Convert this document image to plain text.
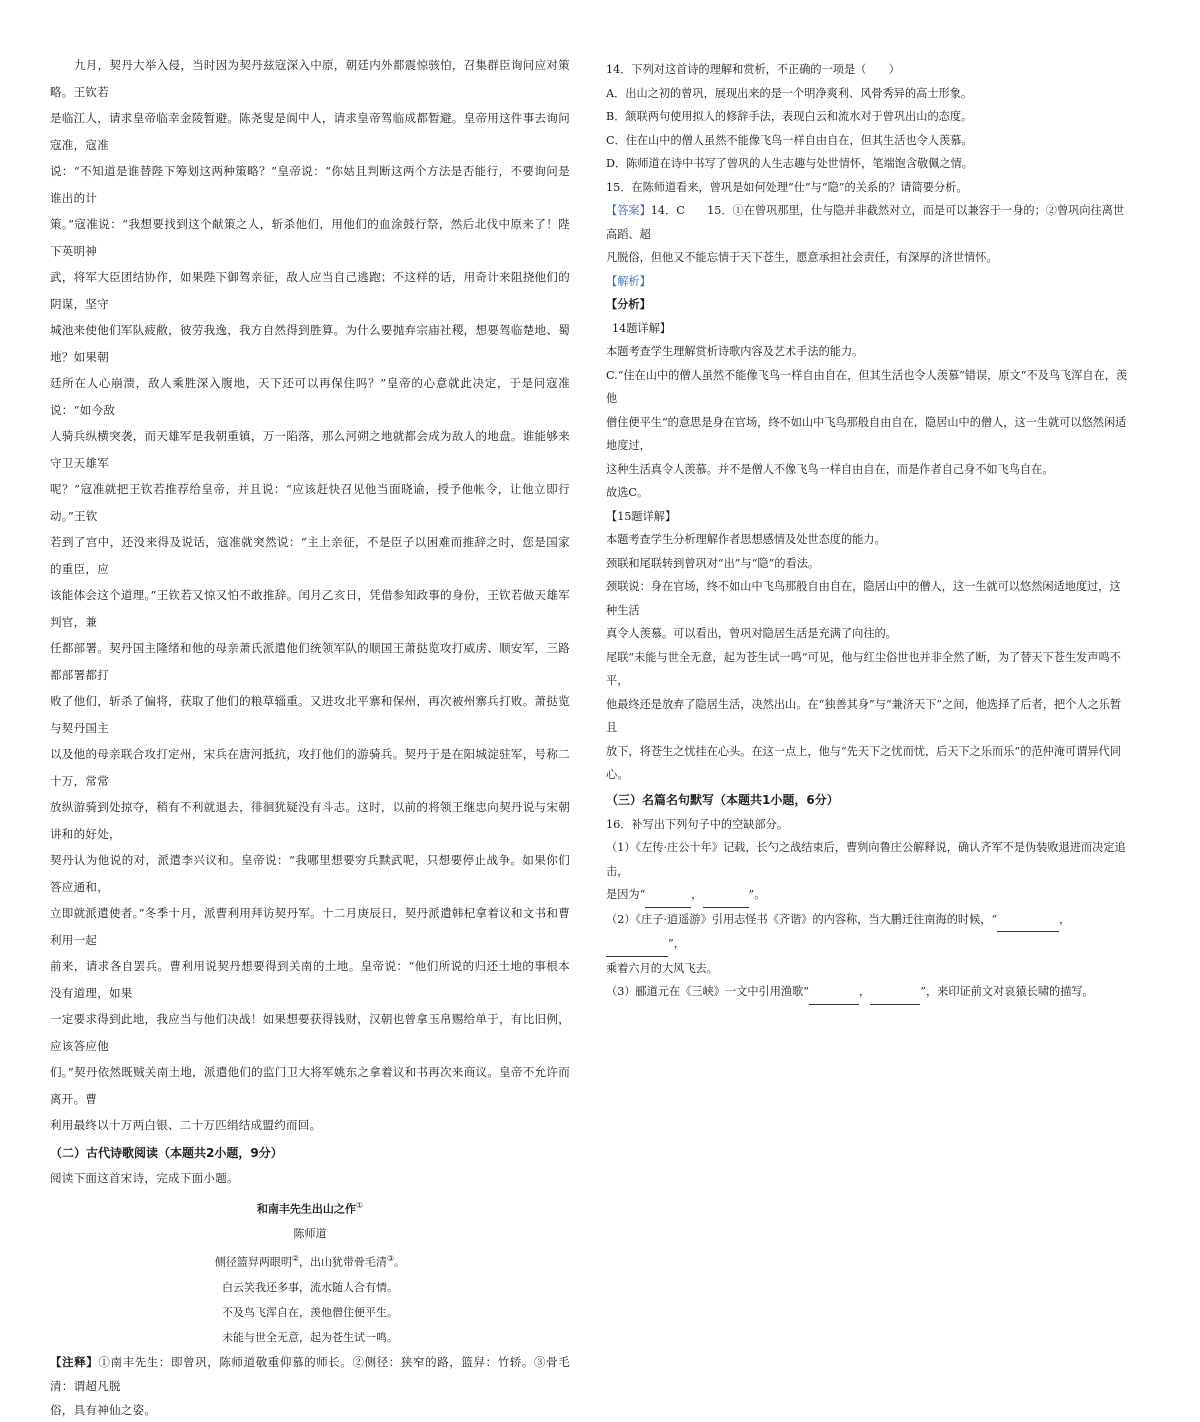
九月，契丹大举入侵，当时因为契丹兹寇深入中原，朝廷内外都震惊骇怕，召集群臣询问应对策略。王钦若

是临江人，请求皇帝临幸金陵暂避。陈尧叟是阆中人，请求皇帝驾临成都暂避。皇帝用这件事去询问寇准，寇准

说：“不知道是谁替陛下筹划这两种策略？”皇帝说：“你姑且判断这两个方法是否能行，不要询问是谁出的计

策。”寇准说：“我想要找到这个献策之人，斩杀他们，用他们的血涂鼓行祭，然后北伐中原来了！陛下英明神

武，将军大臣团结协作，如果陛下御驾亲征，敌人应当自己逃跑；不这样的话，用奇计来阻挠他们的阴谋，坚守

城池来使他们军队疲敝，彼劳我逸，我方自然得到胜算。为什么要抛弃宗庙社稷，想要驾临楚地、蜀地？如果朝

廷所在人心崩溃，敌人乘胜深入腹地，天下还可以再保住吗？”皇帝的心意就此决定，于是问寇准说：“如今敌

人骑兵纵横突袭，而天雄军是我朝重镇，万一陷落，那么河朔之地就都会成为敌人的地盘。谁能够来守卫天雄军

呢？”寇准就把王钦若推荐给皇帝，并且说：“应该赶快召见他当面晓谕，授予他帐令，让他立即行动。”王钦

若到了宫中，还没来得及说话，寇准就突然说：“主上亲征，不是臣子以困难而推辞之时，您是国家的重臣，应

该能体会这个道理。”王钦若又惊又怕不敢推辞。闰月乙亥日，凭借参知政事的身份，王钦若做天雄军判官，兼

任都部署。契丹国主隆绪和他的母亲萧氏派遣他们统领军队的顺国王萧挞览攻打威虏、顺安军，三路都部署都打

败了他们，斩杀了偏将，获取了他们的粮草辎重。又进攻北平寨和保州，再次被州寨兵打败。萧挞览与契丹国主

以及他的母亲联合攻打定州，宋兵在唐河抵抗，攻打他们的游骑兵。契丹于是在阳城淀驻军，号称二十万，常常

放纵游骑到处掠夺，稍有不利就退去，徘徊犹疑没有斗志。这时，以前的将领王继忠向契丹说与宋朝讲和的好处，

契丹认为他说的对，派遣李兴议和。皇帝说：“我哪里想要穷兵黩武呢，只想要停止战争。如果你们答应通和，

立即就派遣使者。”冬季十月，派曹利用拜访契丹军。十二月庚辰日，契丹派遣韩杞拿着议和文书和曹利用一起

前来，请求各自罢兵。曹利用说契丹想要得到关南的土地。皇帝说：“他们所说的归还土地的事根本没有道理，如果

一定要求得到此地，我应当与他们决战！如果想要获得钱财，汉朝也曾拿玉帛赐给单于，有比旧例，应该答应他

们。”契丹依然既贼关南土地，派遣他们的监门卫大将军姚东之拿着议和书再次来商议。皇帝不允许而离开。曹

利用最终以十万两白银、二十万匹绢结成盟约而回。

（二）古代诗歌阅读（本题共2小题，9分）

阅读下面这首宋诗，完成下面小题。

和南丰先生出山之作①

陈师道

侧径篮舁两眼明②，出山犹带骨毛清③。

白云笑我还多事，流水随人合有情。

不及鸟飞浑自在，羡他僧住便平生。

未能与世全无意，起为苍生试一鸣。

【注释】①南丰先生：即曾巩，陈师道敬重仰慕的师长。②侧径：狭窄的路，篮舁：竹轿。③骨毛清：谓超凡脱

俗，具有神仙之姿。

14．下列对这首诗的理解和赏析，不正确的一项是（　　）

A．出山之初的曾巩，展现出来的是一个明净爽利、风骨秀异的高士形象。

B．颔联两句使用拟人的修辞手法，表现白云和流水对于曾巩出山的态度。

C．住在山中的僧人虽然不能像飞鸟一样自由自在，但其生活也令人羡慕。

D．陈师道在诗中书写了曾巩的人生志趣与处世情怀，笔端饱含敬佩之情。

15．在陈师道看来，曾巩是如何处理“仕”与“隐”的关系的？请简要分析。

【答案】14．C　　15．①在曾巩那里，仕与隐并非截然对立，而是可以兼容于一身的；②曾巩向往离世高蹈、超

凡脱俗，但他又不能忘情于天下苍生，愿意承担社会责任，有深厚的济世情怀。

【解析】

【分析】

14题详解】

本题考查学生理解赏析诗歌内容及艺术手法的能力。

C.“住在山中的僧人虽然不能像飞鸟一样自由自在，但其生活也令人羡慕”错误，原文“不及鸟飞浑自在，羡他

僧住便平生”的意思是身在官场，终不如山中飞鸟那般自由自在，隐居山中的僧人，这一生就可以悠然闲适地度过，

这种生活真令人羡慕。并不是僧人不像飞鸟一样自由自在，而是作者自己身不如飞鸟自在。

故选C。

【15题详解】

本题考查学生分析理解作者思想感情及处世态度的能力。

颈联和尾联转到曾巩对“出”与“隐”的看法。

颈联说：身在官场，终不如山中飞鸟那般自由自在，隐居山中的僧人，这一生就可以悠然闲适地度过，这种生活

真令人羡慕。可以看出，曾巩对隐居生活是充满了向往的。

尾联“未能与世全无意，起为苍生试一鸣”可见，他与红尘俗世也并非全然了断，为了替天下苍生发声鸣不平，

他最终还是放弃了隐居生活，决然出山。在“独善其身”与“兼济天下”之间，他选择了后者，把个人之乐暂且

放下，将苍生之忧挂在心头。在这一点上，他与“先天下之忧而忧，后天下之乐而乐”的范仲淹可谓异代同心。

（三）名篇名句默写（本题共1小题，6分）

16．补写出下列句子中的空缺部分。

（1）《左传·庄公十年》记载，长勺之战结束后，曹刿向鲁庄公解释说，确认齐军不是伪装败退进而决定追击，

是因为“	，	”。

（2）《庄子·逍遥游》引用志怪书《齐谐》的内容称，当大鹏迁往南海的时候，“	， ”，

乘着六月的大风飞去。

（3）郦道元在《三峡》一文中引用渔歌“	，	”，来印证前文对哀猿长啸的描写。
